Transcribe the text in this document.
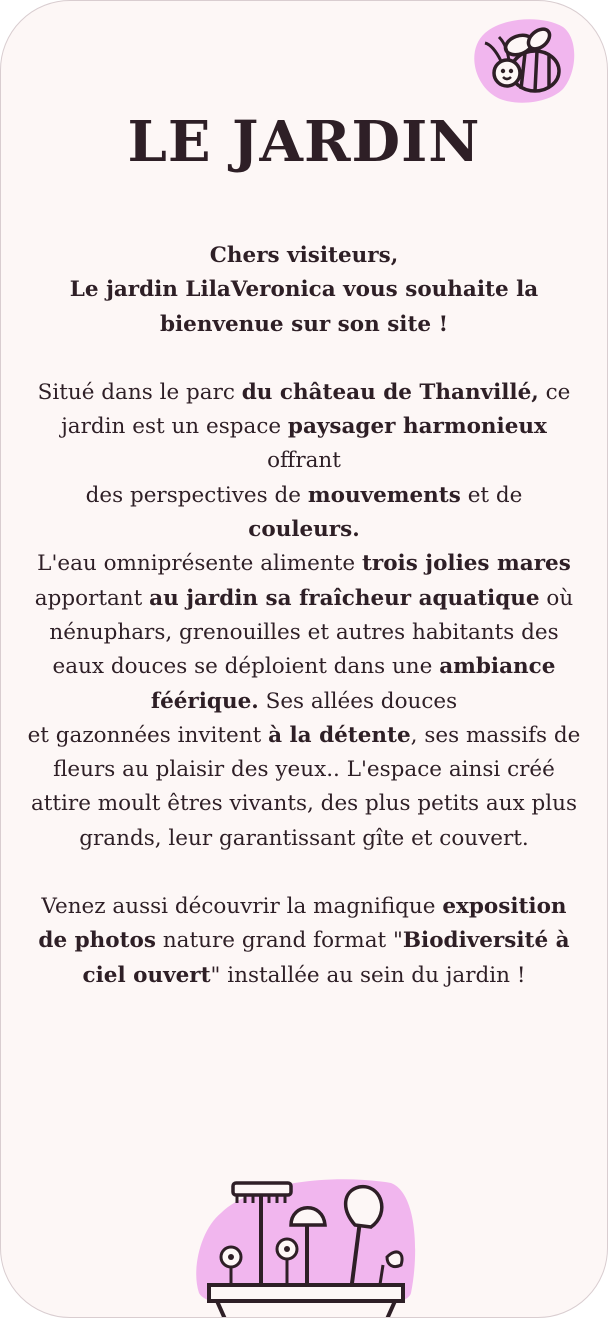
LE JARDIN

Chers visiteurs,

Le jardin LilaVeronica vous souhaite la bienvenue sur son site !

Situé dans le parc du château de Thanvillé, ce jardin est un espace paysager harmonieux offrant
des perspectives de mouvements et de couleurs.
L'eau omniprésente alimente trois jolies mares apportant au jardin sa fraîcheur aquatique où nénuphars, grenouilles et autres habitants des eaux douces se déploient dans une ambiance féérique. Ses allées douces
et gazonnées invitent à la détente, ses massifs de fleurs au plaisir des yeux.. L'espace ainsi créé attire moult êtres vivants, des plus petits aux plus grands, leur garantissant gîte et couvert.

Venez aussi découvrir la magnifique exposition de photos nature grand format "Biodiversité à ciel ouvert" installée au sein du jardin !
